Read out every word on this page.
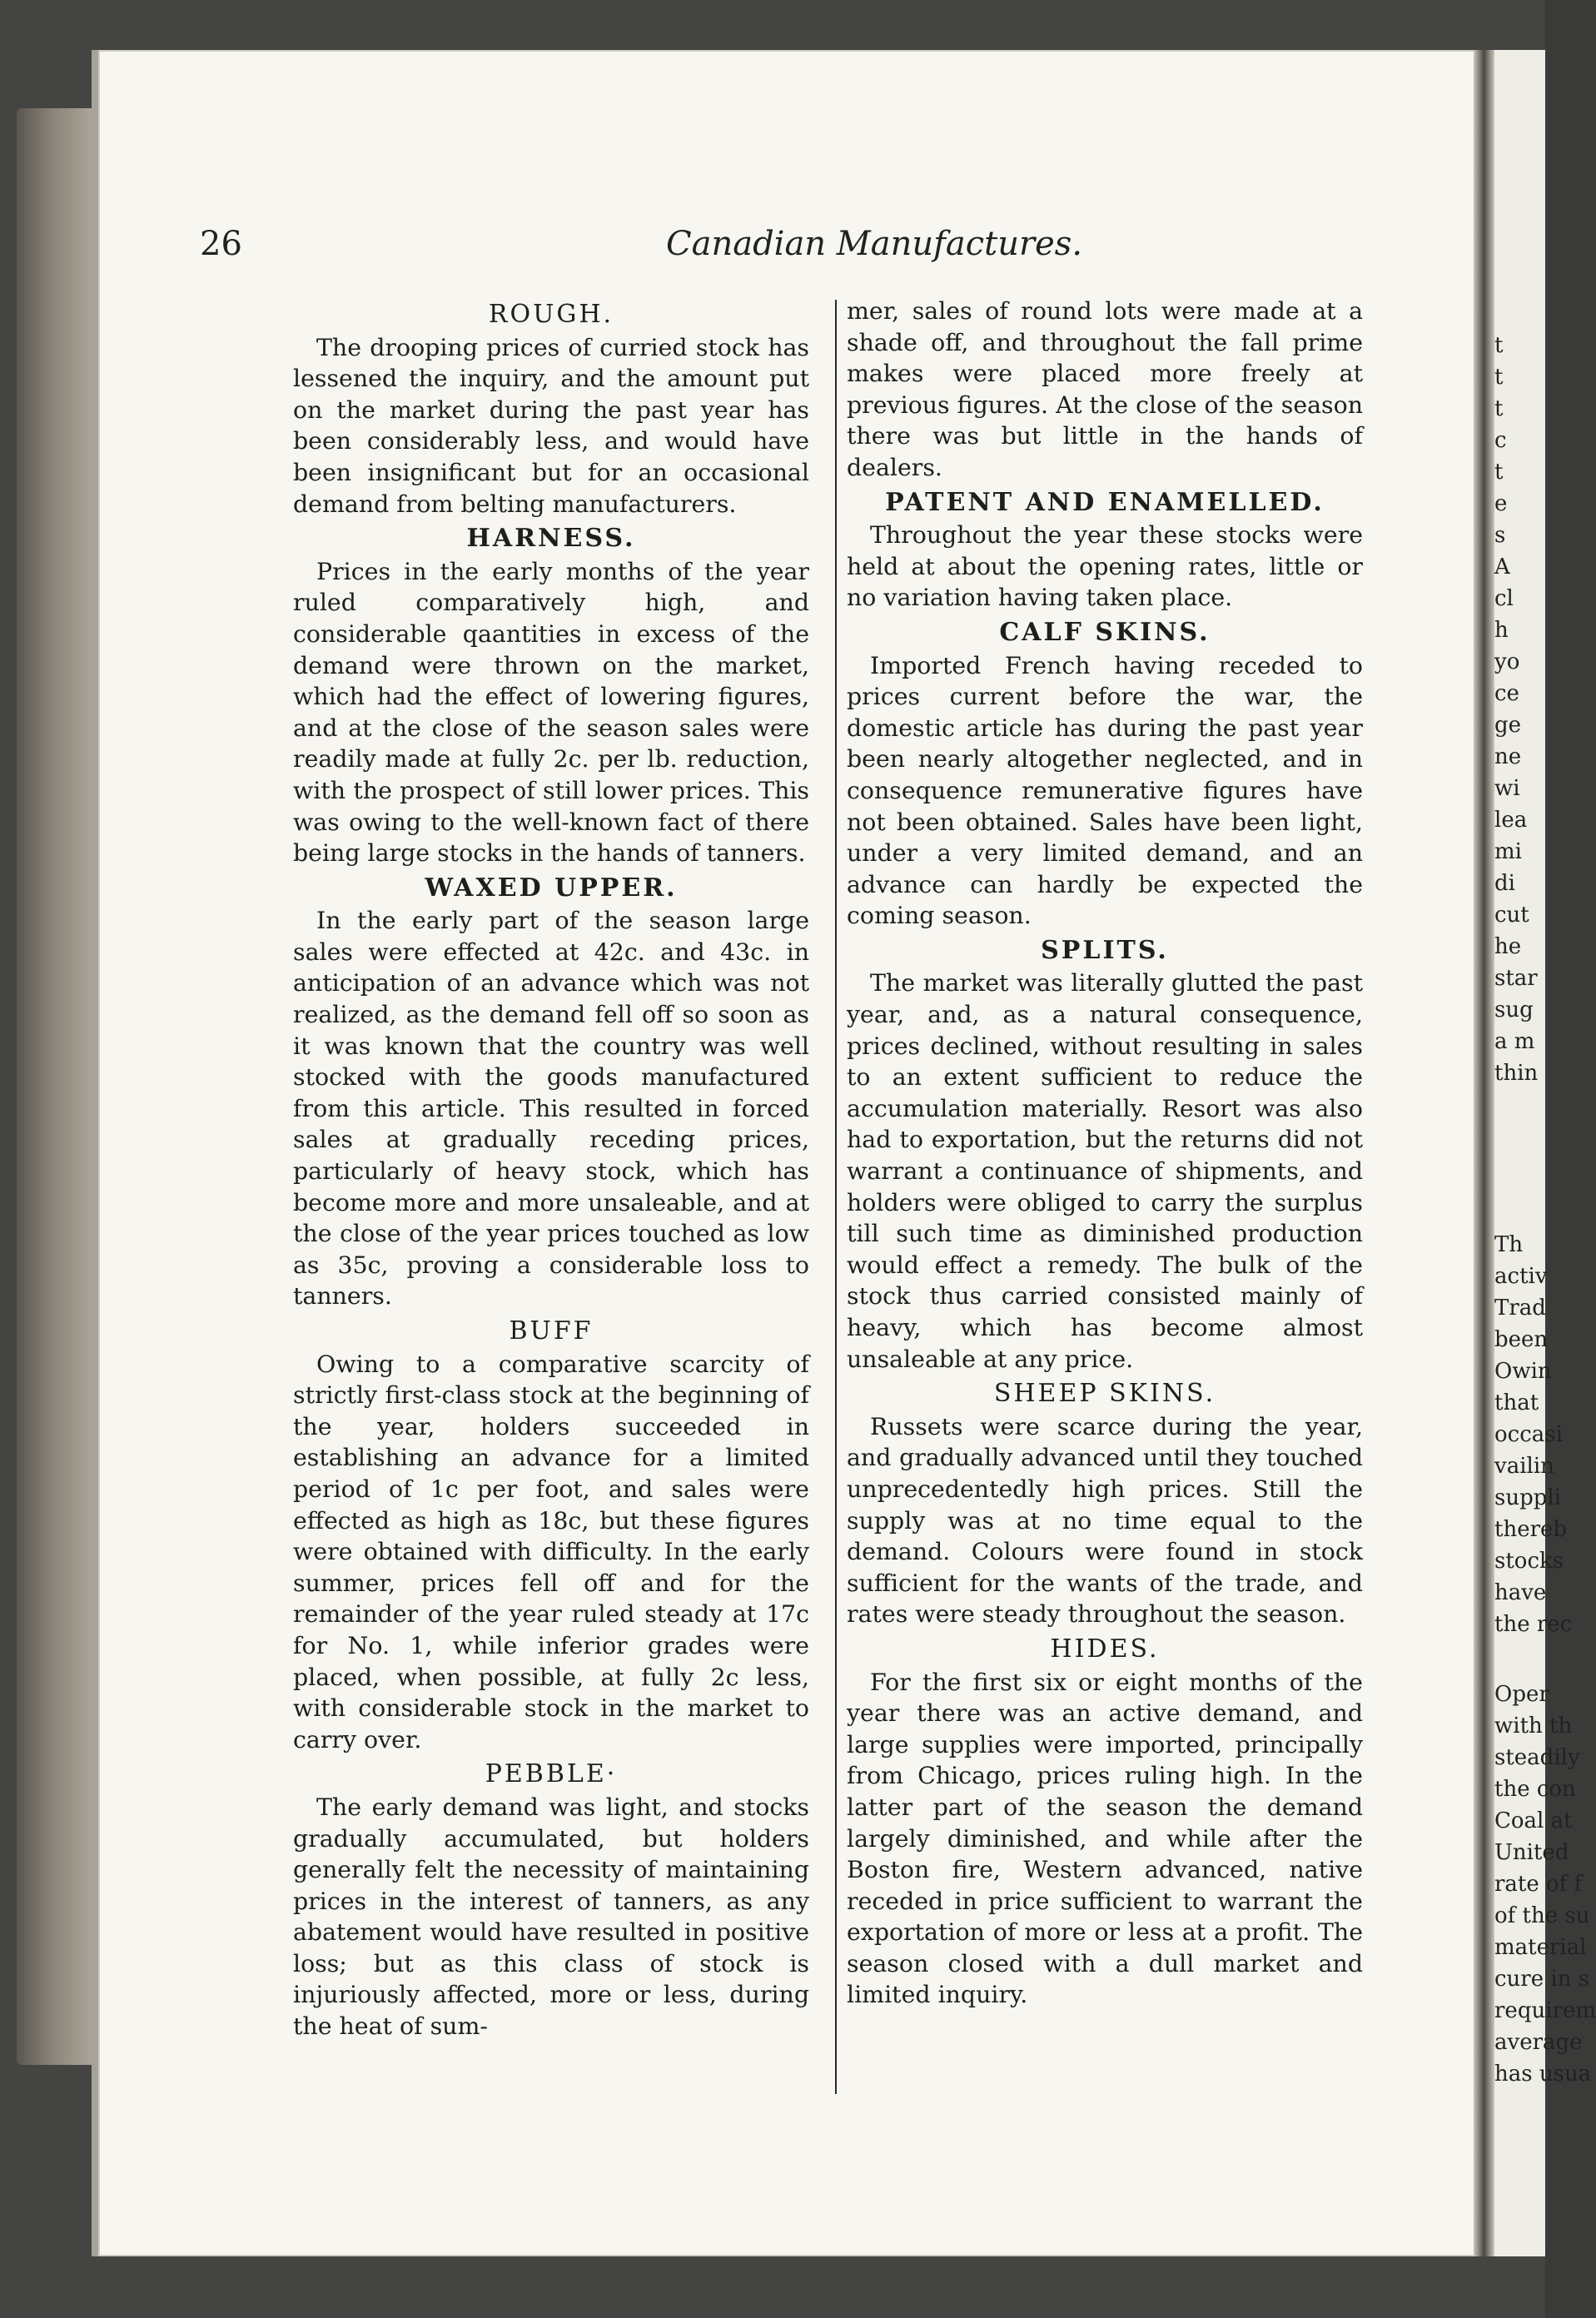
t
t
t
c
t
e
s
A
cl
h
yo
ce
ge
ne
wi
lea
mi
di
cut
he
star
sug
a m
thin
Th
activ
Trad
been
Owin
that
occasi
vailin
suppli
thereb
stocks
have
the rec
Oper
with th
steadily
the con
Coal at
United
rate of f
of the su
material
cure in s
requirem
average
has usua
26	Canadian Manufactures.
ROUGH.

The drooping prices of curried stock has lessened the inquiry, and the amount put on the market during the past year has been considerably less, and would have been insignificant but for an occasional demand from belting manufacturers.

HARNESS.

Prices in the early months of the year ruled comparatively high, and considerable qaantities in excess of the demand were thrown on the market, which had the effect of lowering figures, and at the close of the season sales were readily made at fully 2c. per lb. reduction, with the prospect of still lower prices. This was owing to the well-known fact of there being large stocks in the hands of tanners.

WAXED UPPER.

In the early part of the season large sales were effected at 42c. and 43c. in anticipation of an advance which was not realized, as the demand fell off so soon as it was known that the country was well stocked with the goods manufactured from this article. This resulted in forced sales at gradually receding prices, particularly of heavy stock, which has become more and more unsaleable, and at the close of the year prices touched as low as 35c, proving a considerable loss to tanners.

BUFF

Owing to a comparative scarcity of strictly first-class stock at the beginning of the year, holders succeeded in establishing an advance for a limited period of 1c per foot, and sales were effected as high as 18c, but these figures were obtained with difficulty. In the early summer, prices fell off and for the remainder of the year ruled steady at 17c for No. 1, while inferior grades were placed, when possible, at fully 2c less, with considerable stock in the market to carry over.

PEBBLE·

The early demand was light, and stocks gradually accumulated, but holders generally felt the necessity of maintaining prices in the interest of tanners, as any abatement would have resulted in positive loss; but as this class of stock is injuriously affected, more or less, during the heat of sum-

mer, sales of round lots were made at a shade off, and throughout the fall prime makes were placed more freely at previous figures. At the close of the season there was but little in the hands of dealers.

PATENT AND ENAMELLED.

Throughout the year these stocks were held at about the opening rates, little or no variation having taken place.

CALF SKINS.

Imported French having receded to prices current before the war, the domestic article has during the past year been nearly altogether neglected, and in consequence remunerative figures have not been obtained. Sales have been light, under a very limited demand, and an advance can hardly be expected the coming season.

SPLITS.

The market was literally glutted the past year, and, as a natural consequence, prices declined, without resulting in sales to an extent sufficient to reduce the accumulation materially. Resort was also had to exportation, but the returns did not warrant a continuance of shipments, and holders were obliged to carry the surplus till such time as diminished production would effect a remedy. The bulk of the stock thus carried consisted mainly of heavy, which has become almost unsaleable at any price.

SHEEP SKINS.

Russets were scarce during the year, and gradually advanced until they touched unprecedentedly high prices. Still the supply was at no time equal to the demand. Colours were found in stock sufficient for the wants of the trade, and rates were steady throughout the season.

HIDES.

For the first six or eight months of the year there was an active demand, and large supplies were imported, principally from Chicago, prices ruling high. In the latter part of the season the demand largely diminished, and while after the Boston fire, Western advanced, native receded in price sufficient to warrant the exportation of more or less at a profit. The season closed with a dull market and limited inquiry.
